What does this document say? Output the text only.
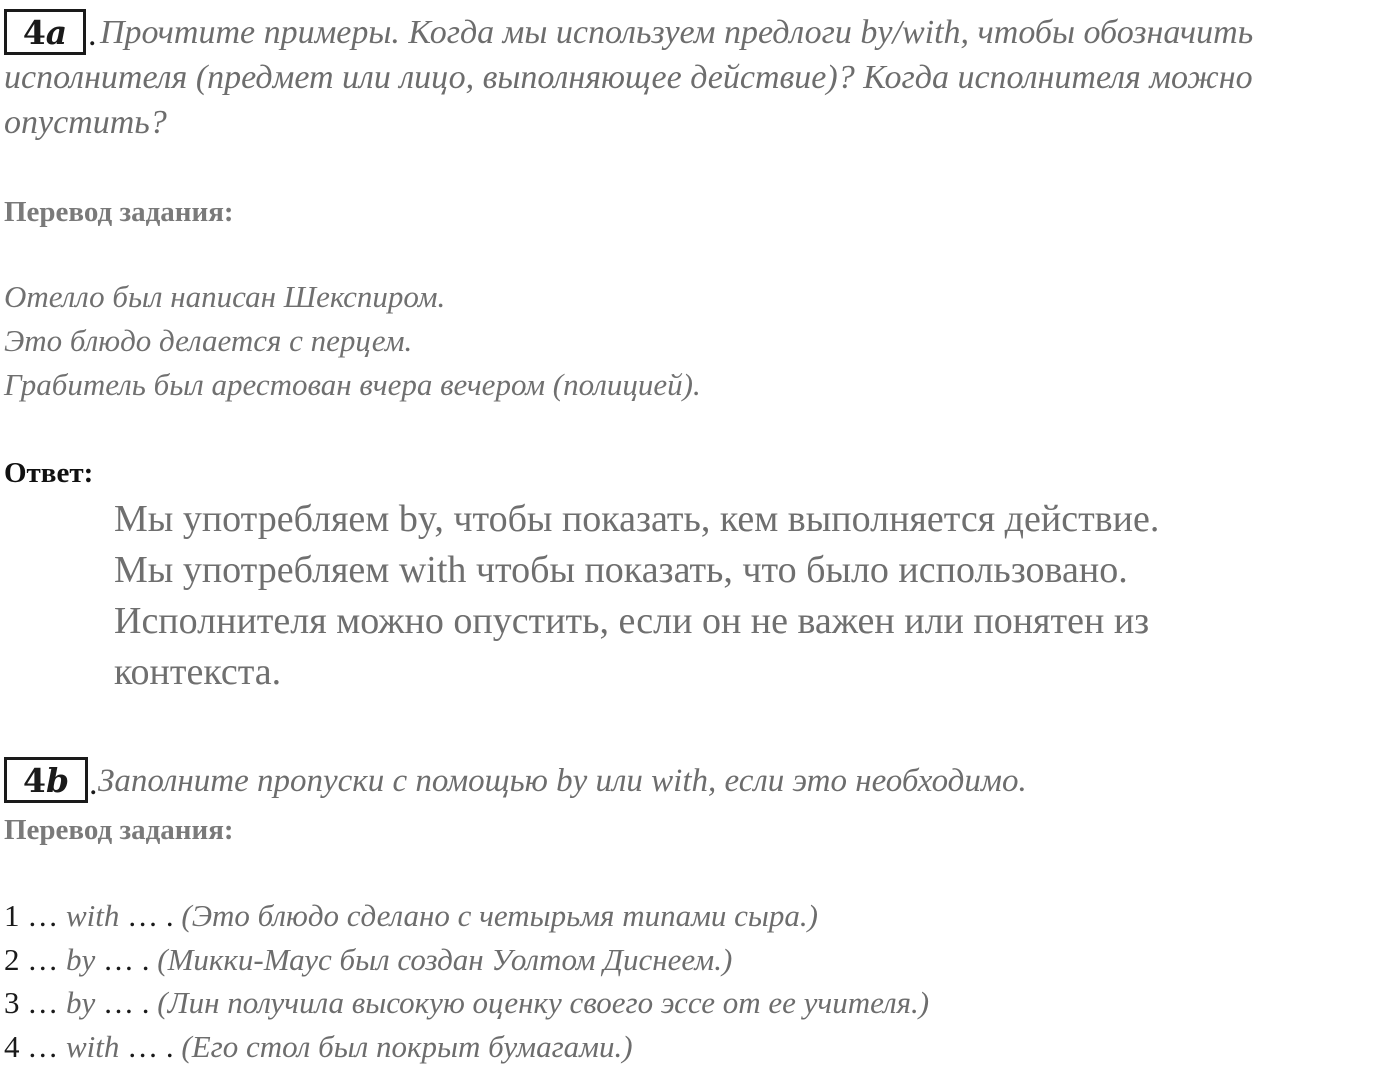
4 a . Прочтите примеры. Когда мы используем предлоги by/with, чтобы обозначить
исполнителя (предмет или лицо, выполняющее действие)? Когда исполнителя можно
опустить?
Перевод задания:
Отелло был написан Шекспиром.
Это блюдо делается с перцем.
Грабитель был арестован вчера вечером (полицией).
Ответ:
Мы употребляем by, чтобы показать, кем выполняется действие.
Мы употребляем with чтобы показать, что было использовано.
Исполнителя можно опустить, если он не важен или понятен из
контекста.
4 b . Заполните пропуски с помощью by или with, если это необходимо.
Перевод задания:
1 … with … . (Это блюдо сделано с четырьмя типами сыра.)
2 … by … . (Микки-Маус был создан Уолтом Диснеем.)
3 … by … . (Лин получила высокую оценку своего эссе от ее учителя.)
4 … with … . (Его стол был покрыт бумагами.)
